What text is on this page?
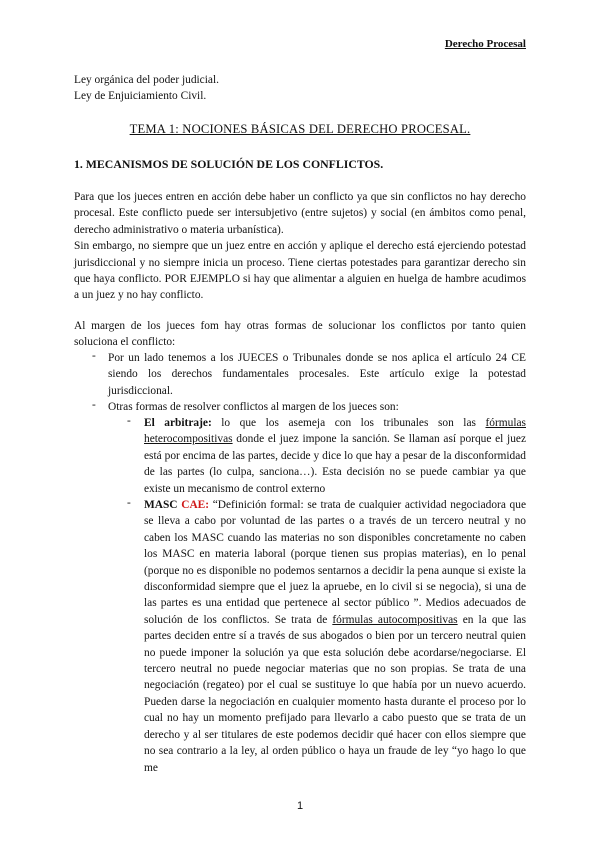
Derecho Procesal
Ley orgánica del poder judicial.
Ley de Enjuiciamiento Civil.
TEMA 1: NOCIONES BÁSICAS DEL DERECHO PROCESAL.
1. MECANISMOS DE SOLUCIÓN DE LOS CONFLICTOS.

Para que los jueces entren en acción debe haber un conflicto ya que sin conflictos no hay derecho procesal. Este conflicto puede ser intersubjetivo (entre sujetos) y social (en ámbitos como penal, derecho administrativo o materia urbanística).

Sin embargo, no siempre que un juez entre en acción y aplique el derecho está ejerciendo potestad jurisdiccional y no siempre inicia un proceso. Tiene ciertas potestades para garantizar derecho sin que haya conflicto. POR EJEMPLO si hay que alimentar a alguien en huelga de hambre acudimos a un juez y no hay conflicto.

Al margen de los jueces fom hay otras formas de solucionar los conflictos por tanto quien soluciona el conflicto:

- Por un lado tenemos a los JUECES o Tribunales donde se nos aplica el artículo 24 CE siendo los derechos fundamentales procesales. Este artículo exige la potestad jurisdiccional.
- Otras formas de resolver conflictos al margen de los jueces son:
- El arbitraje: lo que los asemeja con los tribunales son las fórmulas heterocompositivas donde el juez impone la sanción. Se llaman así porque el juez está por encima de las partes, decide y dice lo que hay a pesar de la disconformidad de las partes (lo culpa, sanciona…). Esta decisión no se puede cambiar ya que existe un mecanismo de control externo
- MASC CAE: “Definición formal: se trata de cualquier actividad negociadora que se lleva a cabo por voluntad de las partes o a través de un tercero neutral y no caben los MASC cuando las materias no son disponibles concretamente no caben los MASC en materia laboral (porque tienen sus propias materias), en lo penal (porque no es disponible no podemos sentarnos a decidir la pena aunque si existe la disconformidad siempre que el juez la apruebe, en lo civil si se negocia), si una de las partes es una entidad que pertenece al sector público ”. Medios adecuados de solución de los conflictos. Se trata de fórmulas autocompositivas en la que las partes deciden entre sí a través de sus abogados o bien por un tercero neutral quien no puede imponer la solución ya que esta solución debe acordarse/negociarse. El tercero neutral no puede negociar materias que no son propias. Se trata de una negociación (regateo) por el cual se sustituye lo que había por un nuevo acuerdo. Pueden darse la negociación en cualquier momento hasta durante el proceso por lo cual no hay un momento prefijado para llevarlo a cabo puesto que se trata de un derecho y al ser titulares de este podemos decidir qué hacer con ellos siempre que no sea contrario a la ley, al orden público o haya un fraude de ley “yo hago lo que me
1
